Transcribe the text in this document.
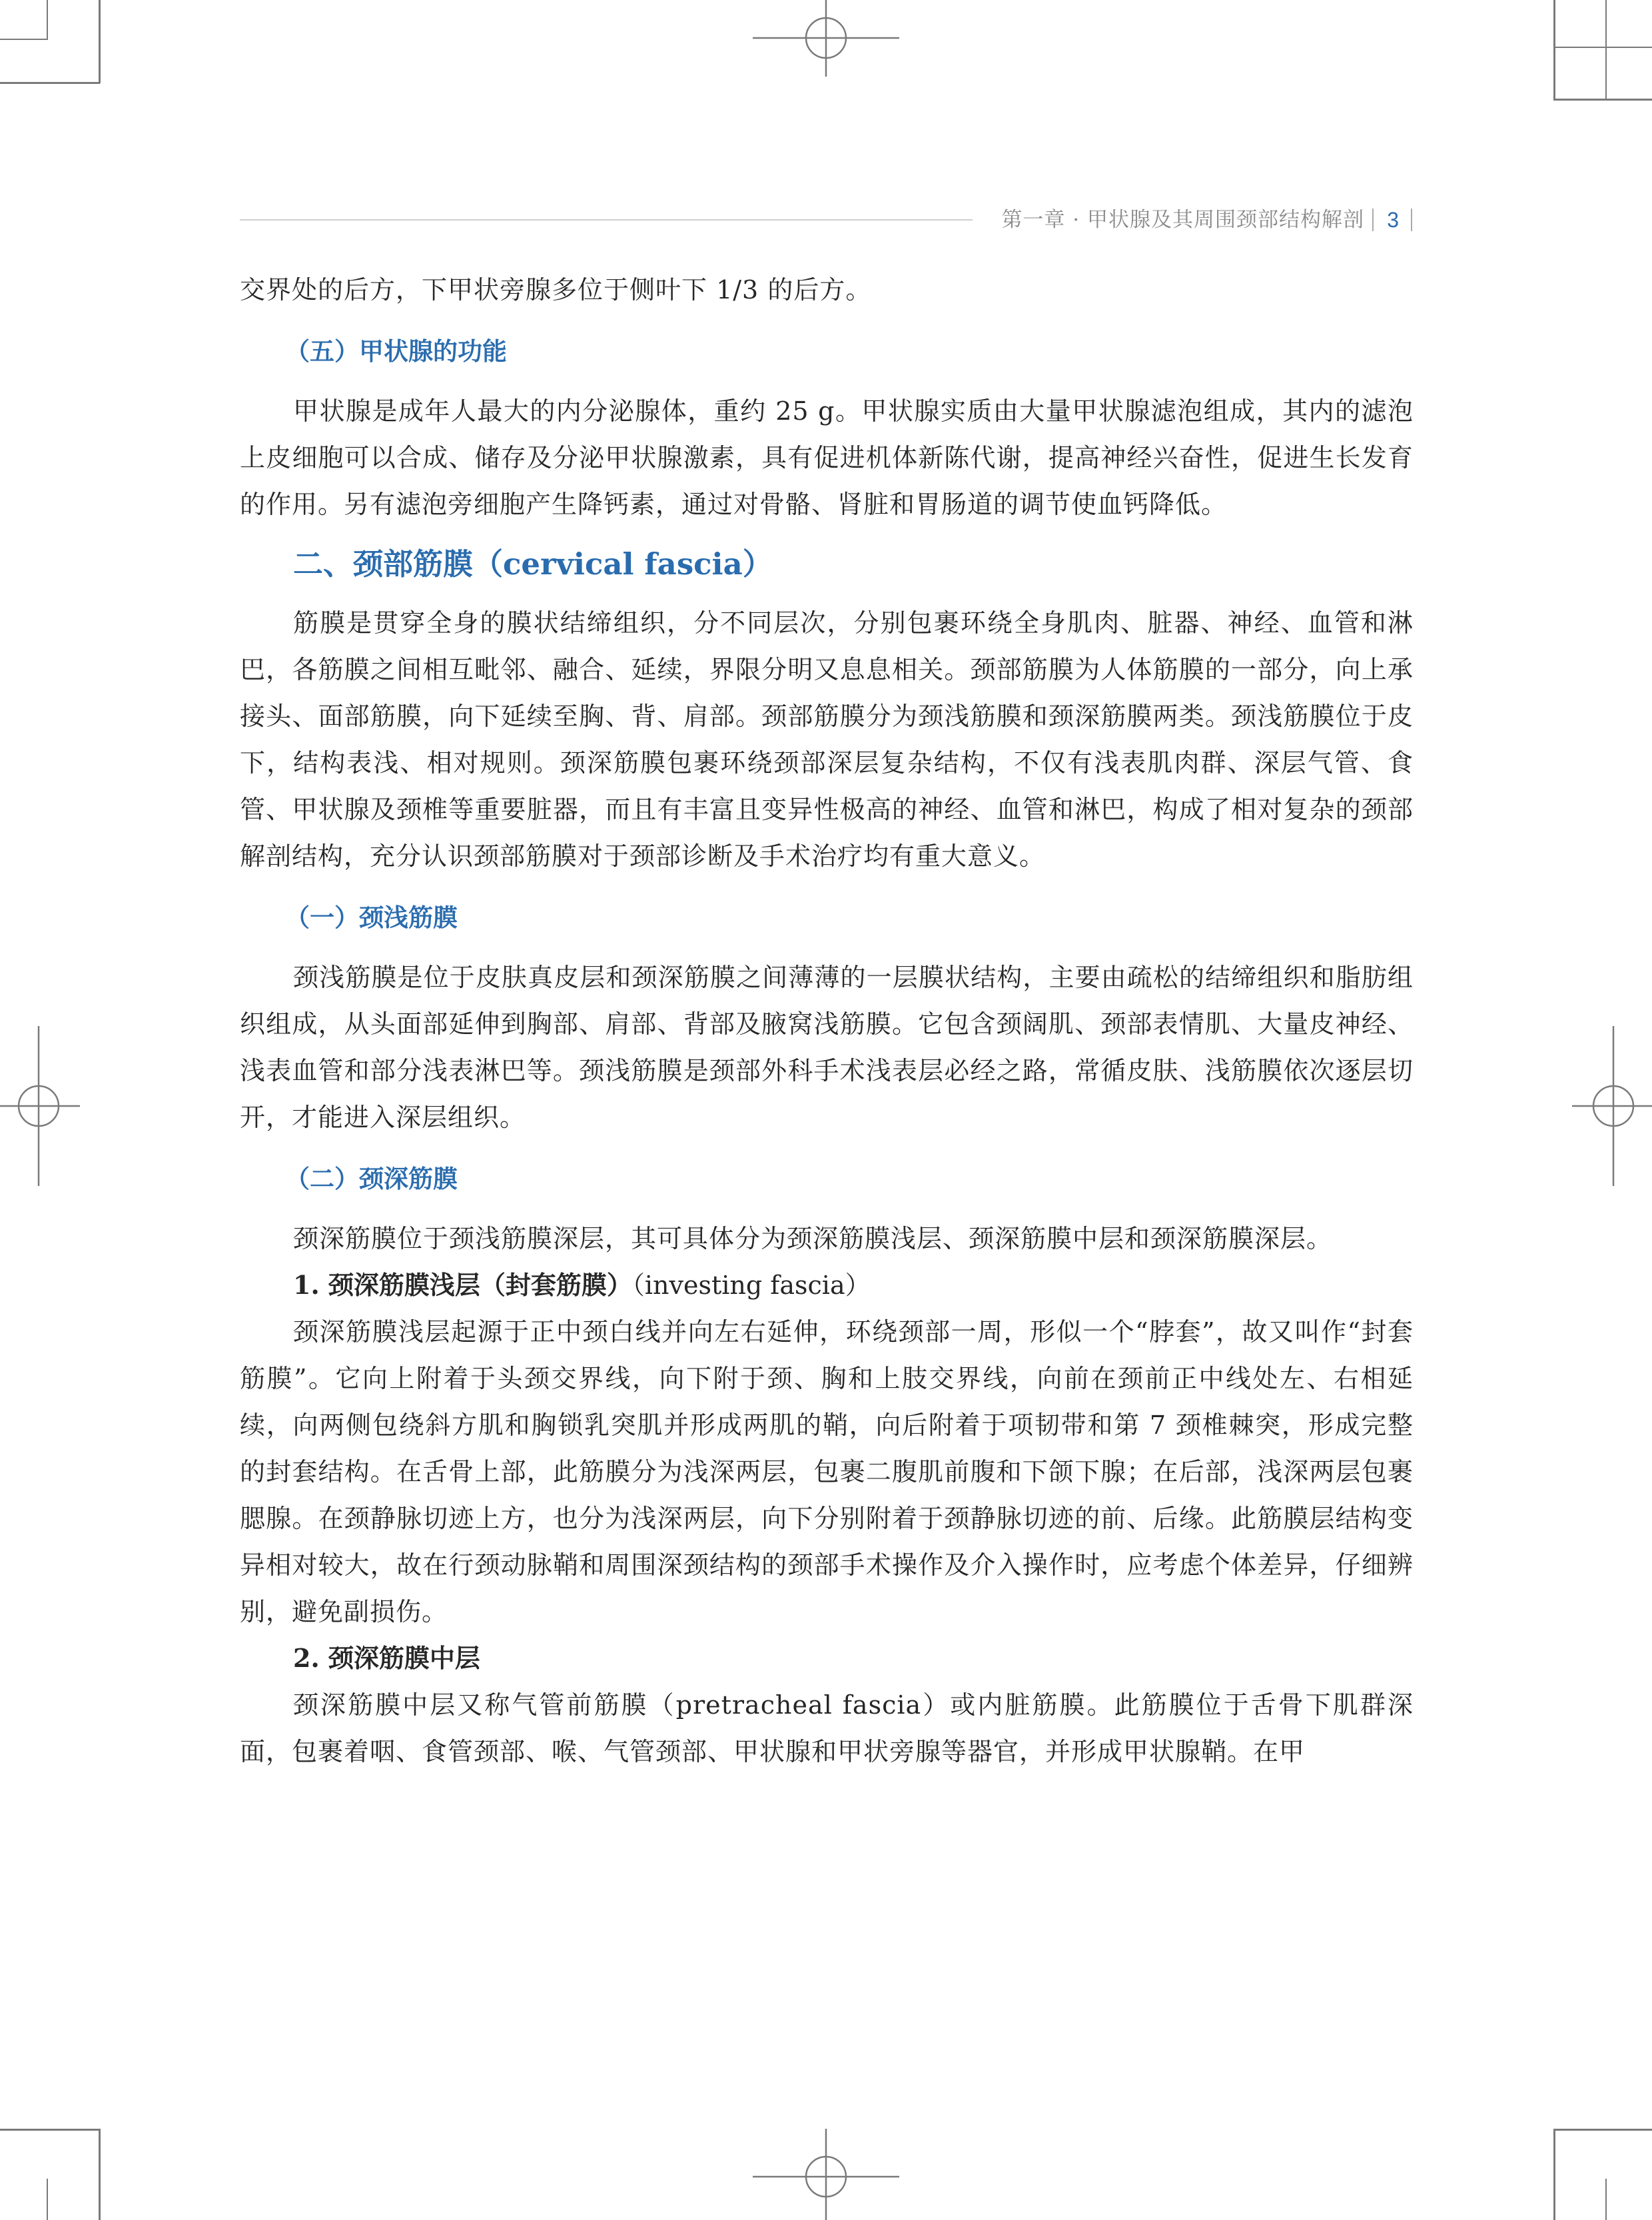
第一章 · 甲状腺及其周围颈部结构解剖 3

交界处的后方，下甲状旁腺多位于侧叶下 1/3 的后方。

（五）甲状腺的功能

甲状腺是成年人最大的内分泌腺体，重约 25 g。甲状腺实质由大量甲状腺滤泡组成，其内的滤泡上皮细胞可以合成、储存及分泌甲状腺激素，具有促进机体新陈代谢，提高神经兴奋性，促进生长发育的作用。另有滤泡旁细胞产生降钙素，通过对骨骼、肾脏和胃肠道的调节使血钙降低。

二、颈部筋膜（cervical fascia）

筋膜是贯穿全身的膜状结缔组织，分不同层次，分别包裹环绕全身肌肉、脏器、神经、血管和淋巴，各筋膜之间相互毗邻、融合、延续，界限分明又息息相关。颈部筋膜为人体筋膜的一部分，向上承接头、面部筋膜，向下延续至胸、背、肩部。颈部筋膜分为颈浅筋膜和颈深筋膜两类。颈浅筋膜位于皮下，结构表浅、相对规则。颈深筋膜包裹环绕颈部深层复杂结构，不仅有浅表肌肉群、深层气管、食管、甲状腺及颈椎等重要脏器，而且有丰富且变异性极高的神经、血管和淋巴，构成了相对复杂的颈部解剖结构，充分认识颈部筋膜对于颈部诊断及手术治疗均有重大意义。

（一）颈浅筋膜

颈浅筋膜是位于皮肤真皮层和颈深筋膜之间薄薄的一层膜状结构，主要由疏松的结缔组织和脂肪组织组成，从头面部延伸到胸部、肩部、背部及腋窝浅筋膜。它包含颈阔肌、颈部表情肌、大量皮神经、浅表血管和部分浅表淋巴等。颈浅筋膜是颈部外科手术浅表层必经之路，常循皮肤、浅筋膜依次逐层切开，才能进入深层组织。

（二）颈深筋膜

颈深筋膜位于颈浅筋膜深层，其可具体分为颈深筋膜浅层、颈深筋膜中层和颈深筋膜深层。

1. 颈深筋膜浅层（封套筋膜）（investing fascia）

颈深筋膜浅层起源于正中颈白线并向左右延伸，环绕颈部一周，形似一个“脖套”，故又叫作“封套筋膜”。它向上附着于头颈交界线，向下附于颈、胸和上肢交界线，向前在颈前正中线处左、右相延续，向两侧包绕斜方肌和胸锁乳突肌并形成两肌的鞘，向后附着于项韧带和第 7 颈椎棘突，形成完整的封套结构。在舌骨上部，此筋膜分为浅深两层，包裹二腹肌前腹和下颌下腺；在后部，浅深两层包裹腮腺。在颈静脉切迹上方，也分为浅深两层，向下分别附着于颈静脉切迹的前、后缘。此筋膜层结构变异相对较大，故在行颈动脉鞘和周围深颈结构的颈部手术操作及介入操作时，应考虑个体差异，仔细辨别，避免副损伤。

2. 颈深筋膜中层

颈深筋膜中层又称气管前筋膜（pretracheal fascia）或内脏筋膜。此筋膜位于舌骨下肌群深面，包裹着咽、食管颈部、喉、气管颈部、甲状腺和甲状旁腺等器官，并形成甲状腺鞘。在甲
